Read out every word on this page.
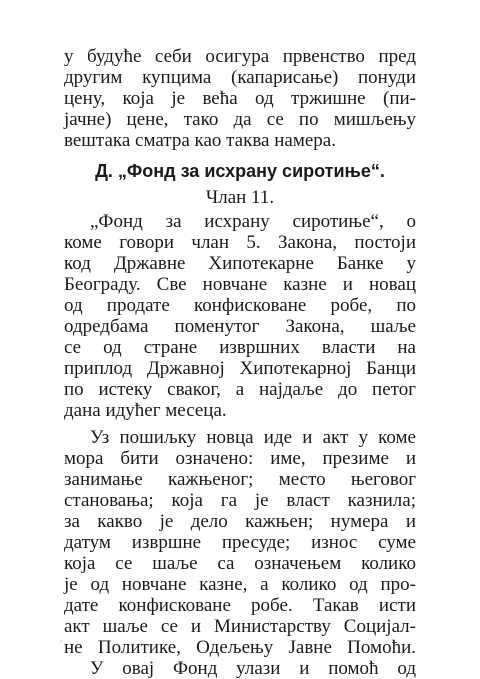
у будуће себи осигура првенство пред
другим купцима (капарисање) понуди
цену, која је већа од тржишне (пи-
јачне) цене, тако да се по мишљењу
вештака сматра као таква намера.
Д. „Фонд за исхрану сиротиње“.
Члан 11.
„Фонд за исхрану сиротиње“, о
коме говори члан 5. Закона, постоји
код Државне Хипотекарне Банке у
Београду. Све новчане казне и новац
од продате конфисковане робе, по
одредбама поменутог Закона, шаље
се од стране извршних власти на
приплод Државној Хипотекарној Банци
по истеку сваког, а најдаље до петог
дана идућег месеца.
Уз пошиљку новца иде и акт у коме
мора бити означено: име, презиме и
занимање кажњеног; место његовог
становања; која га је власт казнила;
за какво је дело кажњен; нумера и
датум извршне пресуде; износ суме
која се шаље са означењем колико
је од новчане казне, а колико од про-
дате конфисковане робе. Такав исти
акт шаље се и Министарству Социјал-
не Политике, Одељењу Јавне Помоћи.
У овај Фонд улази и помоћ од
·
